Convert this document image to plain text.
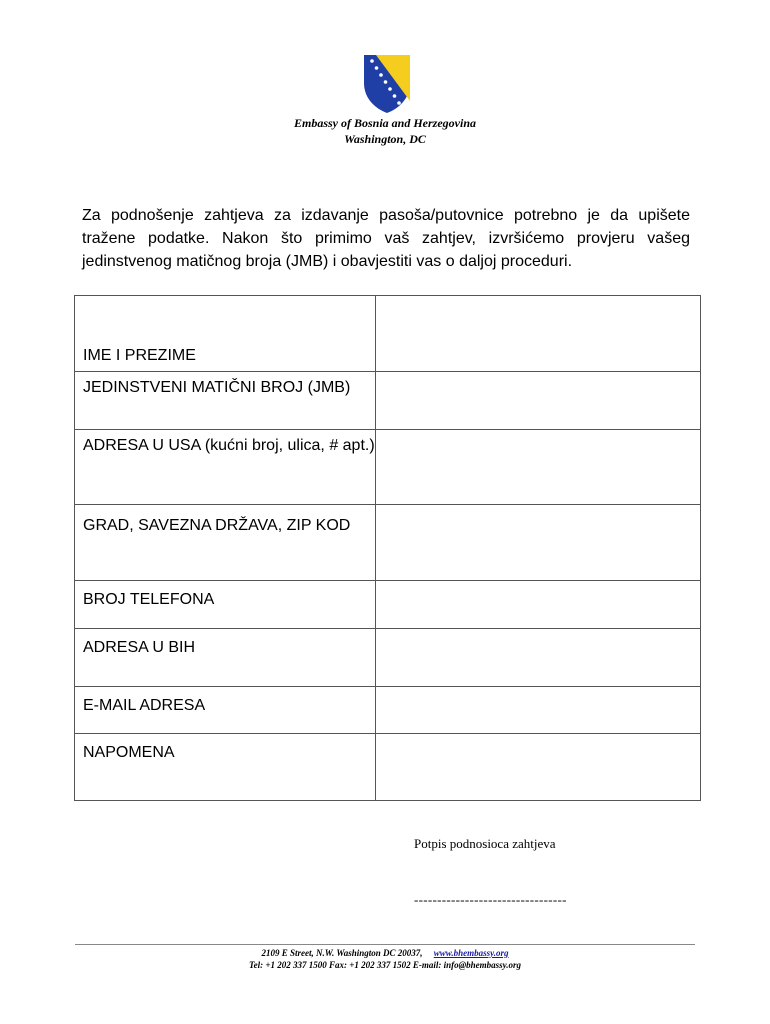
Embassy of Bosnia and Herzegovina
Washington, DC

Za podnošenje zahtjeva za izdavanje pasoša/putovnice potrebno je da upišete tražene podatke. Nakon što primimo vaš zahtjev, izvršićemo provjeru vašeg jedinstvenog matičnog broja (JMB) i obavjestiti vas o daljoj proceduri.

IME I PREZIME	
JEDINSTVENI MATIČNI BROJ (JMB)	
ADRESA U USA (kućni broj, ulica, # apt.)	
GRAD, SAVEZNA DRŽAVA, ZIP KOD	
BROJ TELEFONA	
ADRESA U BIH	
E-MAIL ADRESA	
NAPOMENA	
Potpis podnosioca zahtjeva
---------------------------------
2109 E Street, N.W. Washington DC 20037, www.bhembassy.org
Tel: +1 202 337 1500 Fax: +1 202 337 1502 E-mail: info@bhembassy.org
